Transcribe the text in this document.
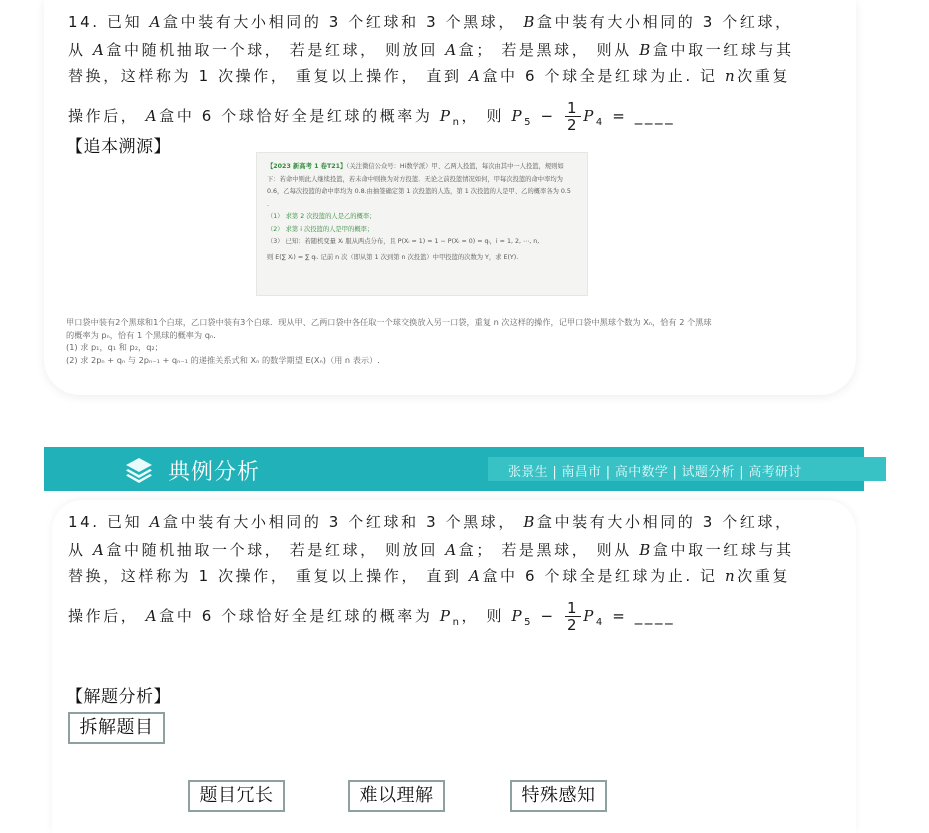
14. 已知 A盒中装有大小相同的 3 个红球和 3 个黑球， B盒中装有大小相同的 3 个红球，
从 A盒中随机抽取一个球， 若是红球， 则放回 A盒； 若是黑球， 则从 B盒中取一红球与其
替换，这样称为 1 次操作， 重复以上操作， 直到 A盒中 6 个球全是红球为止. 记 n次重复
操作后， A盒中 6 个球恰好全是红球的概率为 $P_n$， 则 $P_5 - \frac{1}{2} P_4$ = ____
【追本溯源】
【2023 新高考 1 卷T21】（关注微信公众号：Hi数学派）甲、乙两人投篮，每次由其中一人投篮，规则如
下：若命中则此人继续投篮，若未命中则换为对方投篮．无论之前投篮情况如何，甲每次投篮的命中率均为
0.6，乙每次投篮的命中率均为 0.8.由抽签确定第 1 次投篮的人选，第 1 次投篮的人是甲、乙的概率各为 0.5
.
（1） 求第 2 次投篮的人是乙的概率；
（2） 求第 i 次投篮的人是甲的概率；
（3） 已知：若随机变量 Xᵢ 服从两点分布，且 P(Xᵢ = 1) = 1 − P(Xᵢ = 0) = qᵢ，i = 1, 2, ⋯, n,
则 E(∑ Xᵢ) = ∑ qᵢ. 记前 n 次（即从第 1 次到第 n 次投篮）中甲投篮的次数为 Y，求 E(Y).
甲口袋中装有2个黑球和1个白球，乙口袋中装有3个白球．现从甲、乙两口袋中各任取一个球交换放入另一口袋，重复 n 次这样的操作，记甲口袋中黑球个数为 Xₙ，恰有 2 个黑球
的概率为 pₙ，恰有 1 个黑球的概率为 qₙ.
(1) 求 p₁，q₁ 和 p₂，q₂；
(2) 求 2pₙ + qₙ 与 2pₙ₋₁ + qₙ₋₁ 的递推关系式和 Xₙ 的数学期望 E(Xₙ)（用 n 表示）.
典例分析	张景生 | 南昌市 | 高中数学 | 试题分析 | 高考研讨
14. 已知 A盒中装有大小相同的 3 个红球和 3 个黑球， B盒中装有大小相同的 3 个红球，
从 A盒中随机抽取一个球， 若是红球， 则放回 A盒； 若是黑球， 则从 B盒中取一红球与其
替换，这样称为 1 次操作， 重复以上操作， 直到 A盒中 6 个球全是红球为止. 记 n次重复
操作后， A盒中 6 个球恰好全是红球的概率为 $P_n$， 则 $P_5 - \frac{1}{2} P_4$ = ____
【解题分析】
拆解题目
题目冗长	难以理解	特殊感知
